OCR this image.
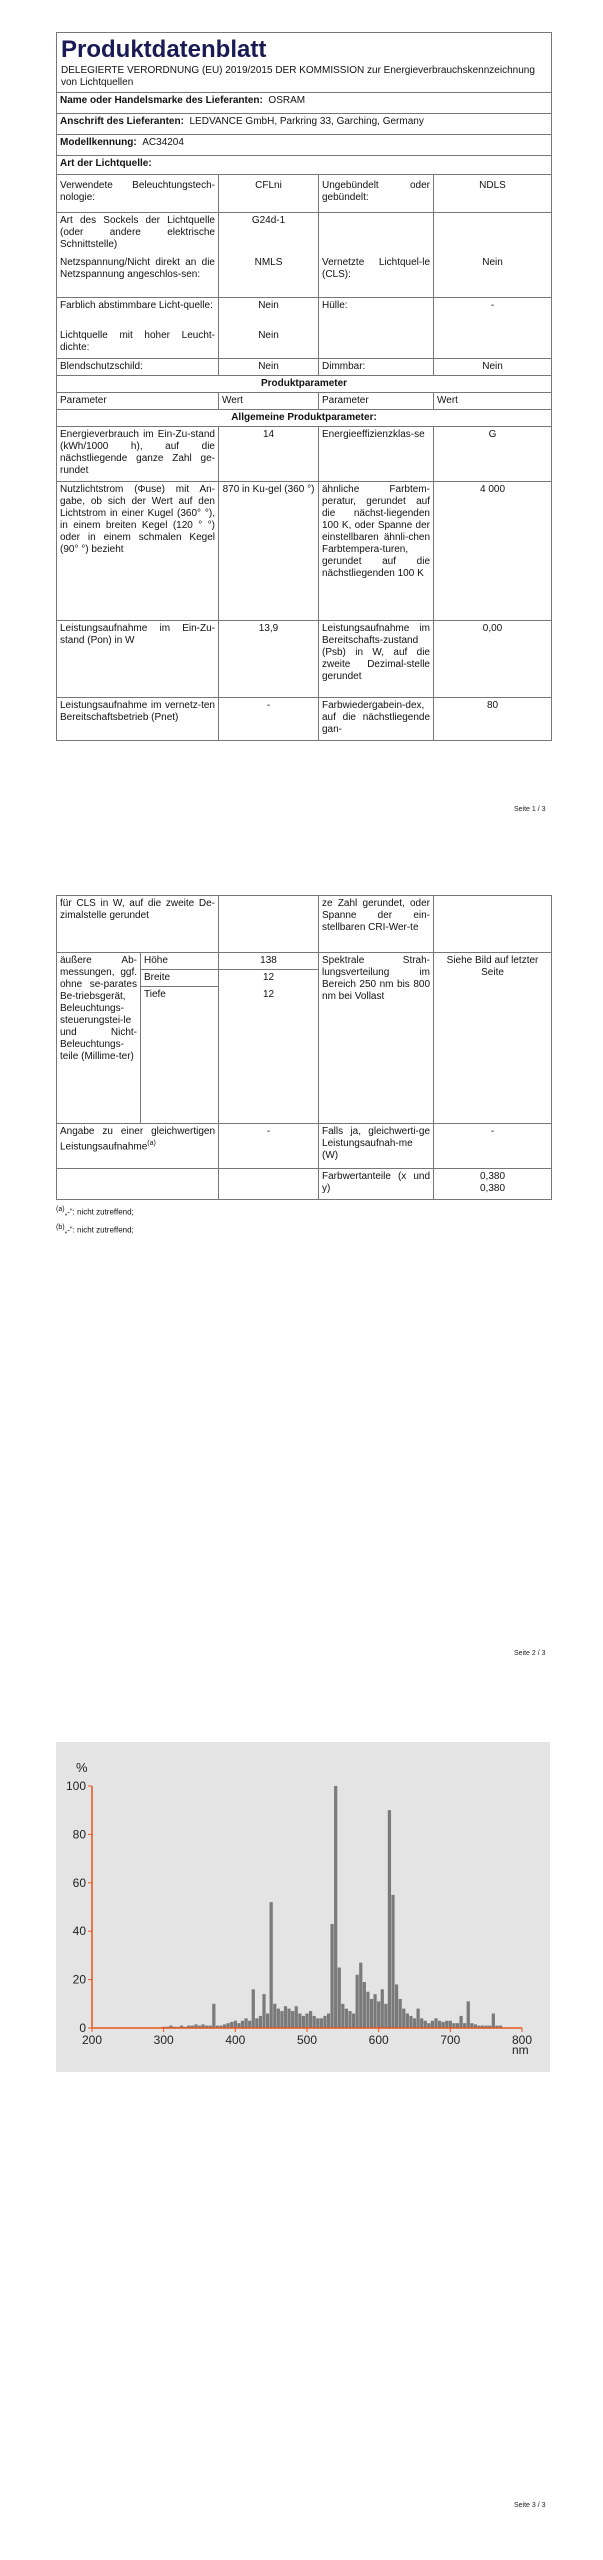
Produktdatenblatt
DELEGIERTE VERORDNUNG (EU) 2019/2015 DER KOMMISSION zur Energieverbrauchskennzeichnung von Lichtquellen			

Name oder Handelsmarke des Lieferanten: OSRAM			
Anschrift des Lieferanten: LEDVANCE GmbH, Parkring 33, Garching, Germany			
Modellkennung: AC34204			
Art der Lichtquelle:			
Verwendete Beleuchtungstech-nologie:	CFLni	Ungebündelt oder gebündelt:	NDLS
Art des Sockels der Lichtquelle (oder andere elektrische Schnittstelle)	G24d-1		
Netzspannung/Nicht direkt an die Netzspannung angeschlos-sen:	NMLS	Vernetzte Lichtquel-le (CLS):	Nein
Farblich abstimmbare Licht-quelle:	Nein	Hülle:	-
Lichtquelle mit hoher Leucht-dichte:	Nein		
Blendschutzschild:	Nein	Dimmbar:	Nein
Produktparameter			
Parameter	Wert	Parameter	Wert
Allgemeine Produktparameter:			
Energieverbrauch im Ein-Zu-stand (kWh/1000 h), auf die nächstliegende ganze Zahl ge-rundet	14	Energieeffizienzklas-se	G
Nutzlichtstrom (Φuse) mit An-gabe, ob sich der Wert auf den Lichtstrom in einer Kugel (360° °), in einem breiten Kegel (120 ° °) oder in einem schmalen Kegel (90° °) bezieht	870 in Ku-gel (360 °)	ähnliche Farbtem-peratur, gerundet auf die nächst-liegenden 100 K, oder Spanne der einstellbaren ähnli-chen Farbtempera-turen, gerundet auf die nächstliegenden 100 K	4 000
Leistungsaufnahme im Ein-Zu-stand (Pon) in W	13,9	Leistungsaufnahme im Bereitschafts-zustand (Psb) in W, auf die zweite Dezimal-stelle gerundet	0,00
Leistungsaufnahme im vernetz-ten Bereitschaftsbetrieb (Pnet)	-	Farbwiedergabein-dex, auf die nächstliegende gan-	80
Seite 1 / 3
für CLS in W, auf die zweite De-zimalstelle gerundet			ze Zahl gerundet, oder Spanne der ein-stellbaren CRI-Wer-te	
äußere Ab-messungen, ggf. ohne se-parates Be-triebsgerät, Beleuchtungs-steuerungstei-le und Nicht-Beleuchtungs-teile (Millime-ter)	Höhe	138	Spektrale Strah-lungsverteilung im Bereich 250 nm bis 800 nm bei Vollast	Siehe Bild auf letzter Seite
	Breite	12		
	Tiefe	12		
Angabe zu einer gleichwertigen Leistungsaufnahme$^{(a)}$		-	Falls ja, gleichwerti-ge Leistungsaufnah-me (W)	-
			Farbwertanteile (x und y)	0,380
0,380
$^{(a)}$„-“: nicht zutreffend;
$^{(b)}$„-“: nicht zutreffend;
Seite 2 / 3
0
20
40
60
80
100
200	300	400	500	600	700	800
%
nm
Seite 3 / 3
